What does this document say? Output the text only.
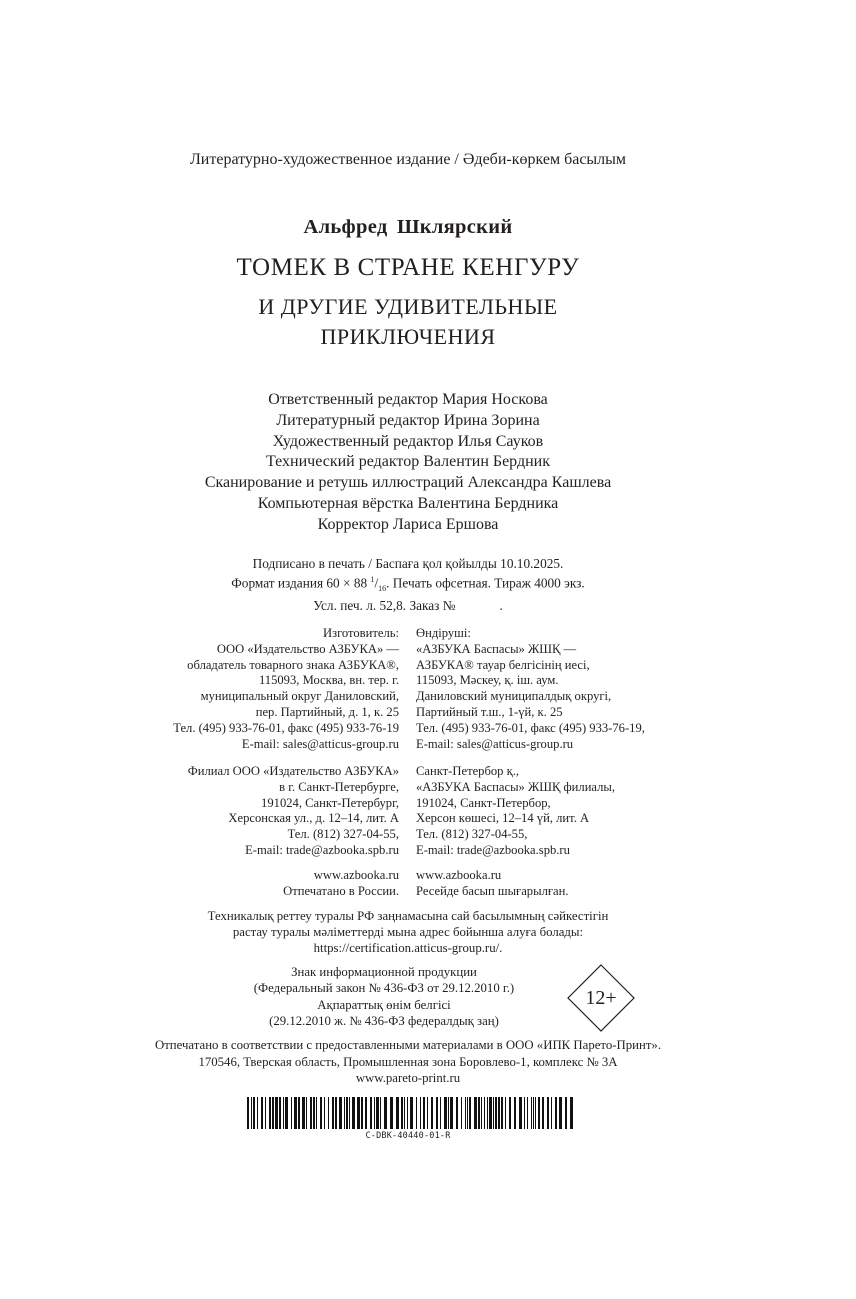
Литературно-художественное издание / Әдеби-көркем басылым
Альфред Шклярский
ТОМЕК В СТРАНЕ КЕНГУРУ
И ДРУГИЕ УДИВИТЕЛЬНЫЕ
ПРИКЛЮЧЕНИЯ
Ответственный редактор Мария Носкова
Литературный редактор Ирина Зорина
Художественный редактор Илья Сауков
Технический редактор Валентин Бердник
Сканирование и ретушь иллюстраций Александра Кашлева
Компьютерная вёрстка Валентина Бердника
Корректор Лариса Ершова
Подписано в печать / Баспаға қол қойылды 10.10.2025.
Формат издания 60 × 88 $^1/_{16}$. Печать офсетная. Тираж 4000 экз.
Усл. печ. л. 52,8. Заказ №	.
Изготовитель:
ООО «Издательство АЗБУКА» —
обладатель товарного знака АЗБУКА®,
115093, Москва, вн. тер. г.
муниципальный округ Даниловский,
пер. Партийный, д. 1, к. 25
Тел. (495) 933-76-01, факс (495) 933-76-19
E-mail: sales@atticus-group.ru
Өндіруші:
«АЗБУКА Баспасы» ЖШҚ —
АЗБУКА® тауар белгісінің иесі,
115093, Мәскеу, қ. іш. аум.
Даниловский муниципалдық округі,
Партийный т.ш., 1-үй, к. 25
Тел. (495) 933-76-01, факс (495) 933-76-19,
E-mail: sales@atticus-group.ru
Филиал ООО «Издательство АЗБУКА»
в г. Санкт-Петербурге,
191024, Санкт-Петербург,
Херсонская ул., д. 12–14, лит. А
Тел. (812) 327-04-55,
E-mail: trade@azbooka.spb.ru
Санкт-Петербор қ.,
«АЗБУКА Баспасы» ЖШҚ филиалы,
191024, Санкт-Петербор,
Херсон көшесі, 12–14 үй, лит. А
Тел. (812) 327-04-55,
E-mail: trade@azbooka.spb.ru
www.azbooka.ru
Отпечатано в России.
www.azbooka.ru
Ресейде басып шығарылған.
Техникалық реттеу туралы РФ заңнамасына сай басылымның сәйкестігін
растау туралы мәліметтерді мына адрес бойынша алуға болады:
https://certification.atticus-group.ru/.
Знак информационной продукции
(Федеральный закон № 436-ФЗ от 29.12.2010 г.)
Ақпараттық өнім белгісі
(29.12.2010 ж. № 436-ФЗ федералдық заң)
12+
Отпечатано в соответствии с предоставленными материалами в ООО «ИПК Парето-Принт».
170546, Тверская область, Промышленная зона Боровлево-1, комплекс № 3А
www.pareto-print.ru
C-DBK-40440-01-R
